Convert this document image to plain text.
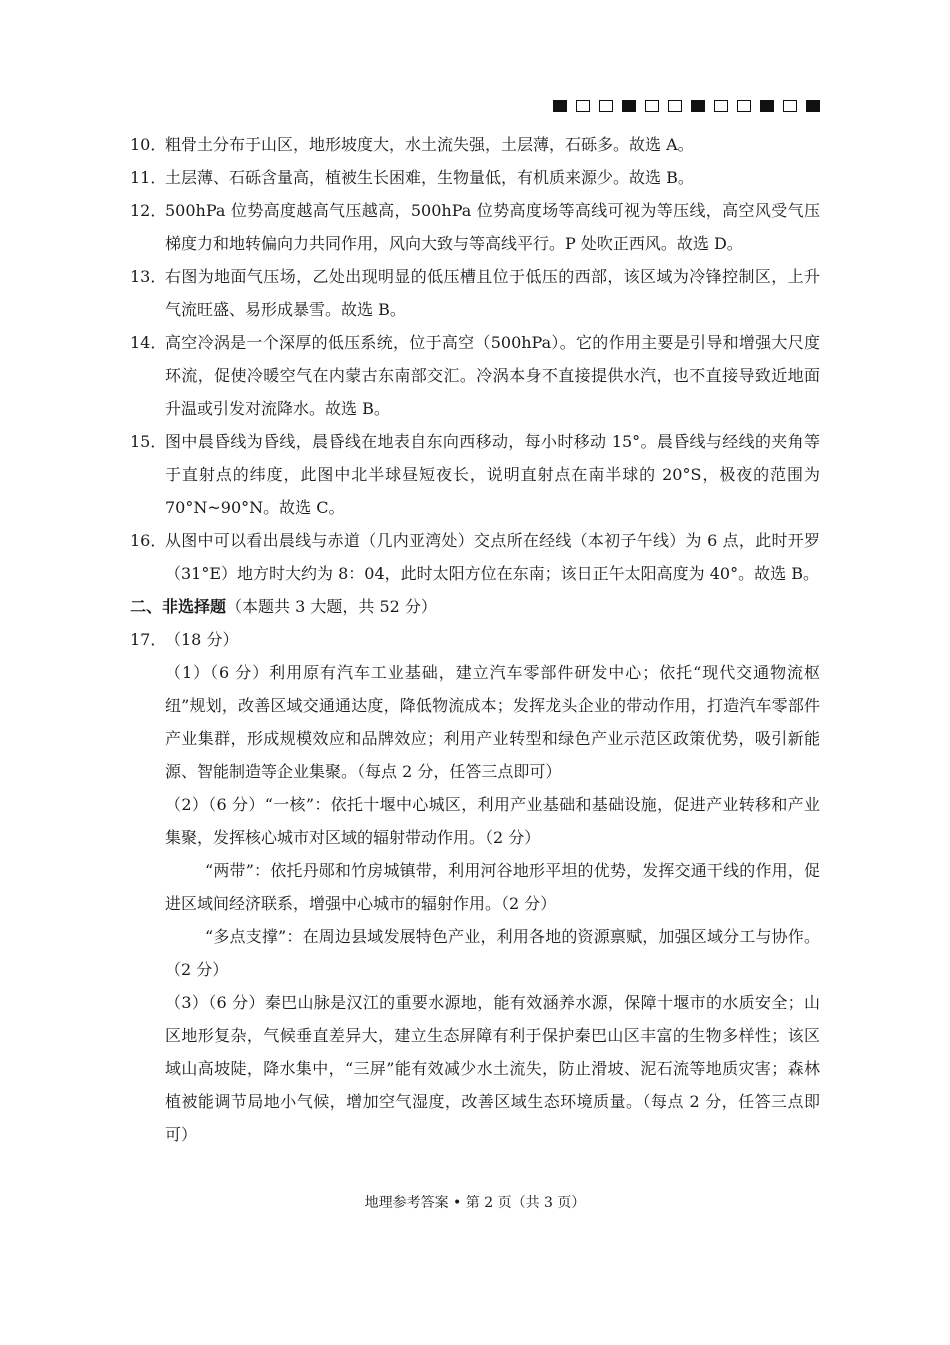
10．
粗骨土分布于山区，地形坡度大，水土流失强，土层薄，石砾多。故选 A。
11．
土层薄、石砾含量高，植被生长困难，生物量低，有机质来源少。故选 B。
12．
500hPa 位势高度越高气压越高，500hPa 位势高度场等高线可视为等压线，高空风受气压梯度力和地转偏向力共同作用，风向大致与等高线平行。P 处吹正西风。故选 D。
13．
右图为地面气压场，乙处出现明显的低压槽且位于低压的西部，该区域为冷锋控制区，上升气流旺盛、易形成暴雪。故选 B。
14．
高空冷涡是一个深厚的低压系统，位于高空（500hPa）。它的作用主要是引导和增强大尺度环流，促使冷暖空气在内蒙古东南部交汇。冷涡本身不直接提供水汽，也不直接导致近地面升温或引发对流降水。故选 B。
15．
图中晨昏线为昏线，晨昏线在地表自东向西移动，每小时移动 15°。晨昏线与经线的夹角等于直射点的纬度，此图中北半球昼短夜长，说明直射点在南半球的 20°S，极夜的范围为 70°N~90°N。故选 C。
16．
从图中可以看出晨线与赤道（几内亚湾处）交点所在经线（本初子午线）为 6 点，此时开罗（31°E）地方时大约为 8：04，此时太阳方位在东南；该日正午太阳高度为 40°。故选 B。
二、非选择题（本题共 3 大题，共 52 分）
17．
（18 分）
（1）（6 分）利用原有汽车工业基础，建立汽车零部件研发中心；依托“现代交通物流枢纽”规划，改善区域交通通达度，降低物流成本；发挥龙头企业的带动作用，打造汽车零部件产业集群，形成规模效应和品牌效应；利用产业转型和绿色产业示范区政策优势，吸引新能源、智能制造等企业集聚。（每点 2 分，任答三点即可）
（2）（6 分）“一核”：依托十堰中心城区，利用产业基础和基础设施，促进产业转移和产业集聚，发挥核心城市对区域的辐射带动作用。（2 分）
“两带”：依托丹郧和竹房城镇带，利用河谷地形平坦的优势，发挥交通干线的作用，促进区域间经济联系，增强中心城市的辐射作用。（2 分）
“多点支撑”：在周边县域发展特色产业，利用各地的资源禀赋，加强区域分工与协作。（2 分）
（3）（6 分）秦巴山脉是汉江的重要水源地，能有效涵养水源，保障十堰市的水质安全；山区地形复杂，气候垂直差异大，建立生态屏障有利于保护秦巴山区丰富的生物多样性；该区域山高坡陡，降水集中，“三屏”能有效减少水土流失，防止滑坡、泥石流等地质灾害；森林植被能调节局地小气候，增加空气湿度，改善区域生态环境质量。（每点 2 分，任答三点即可）
地理参考答案 • 第 2 页（共 3 页）
